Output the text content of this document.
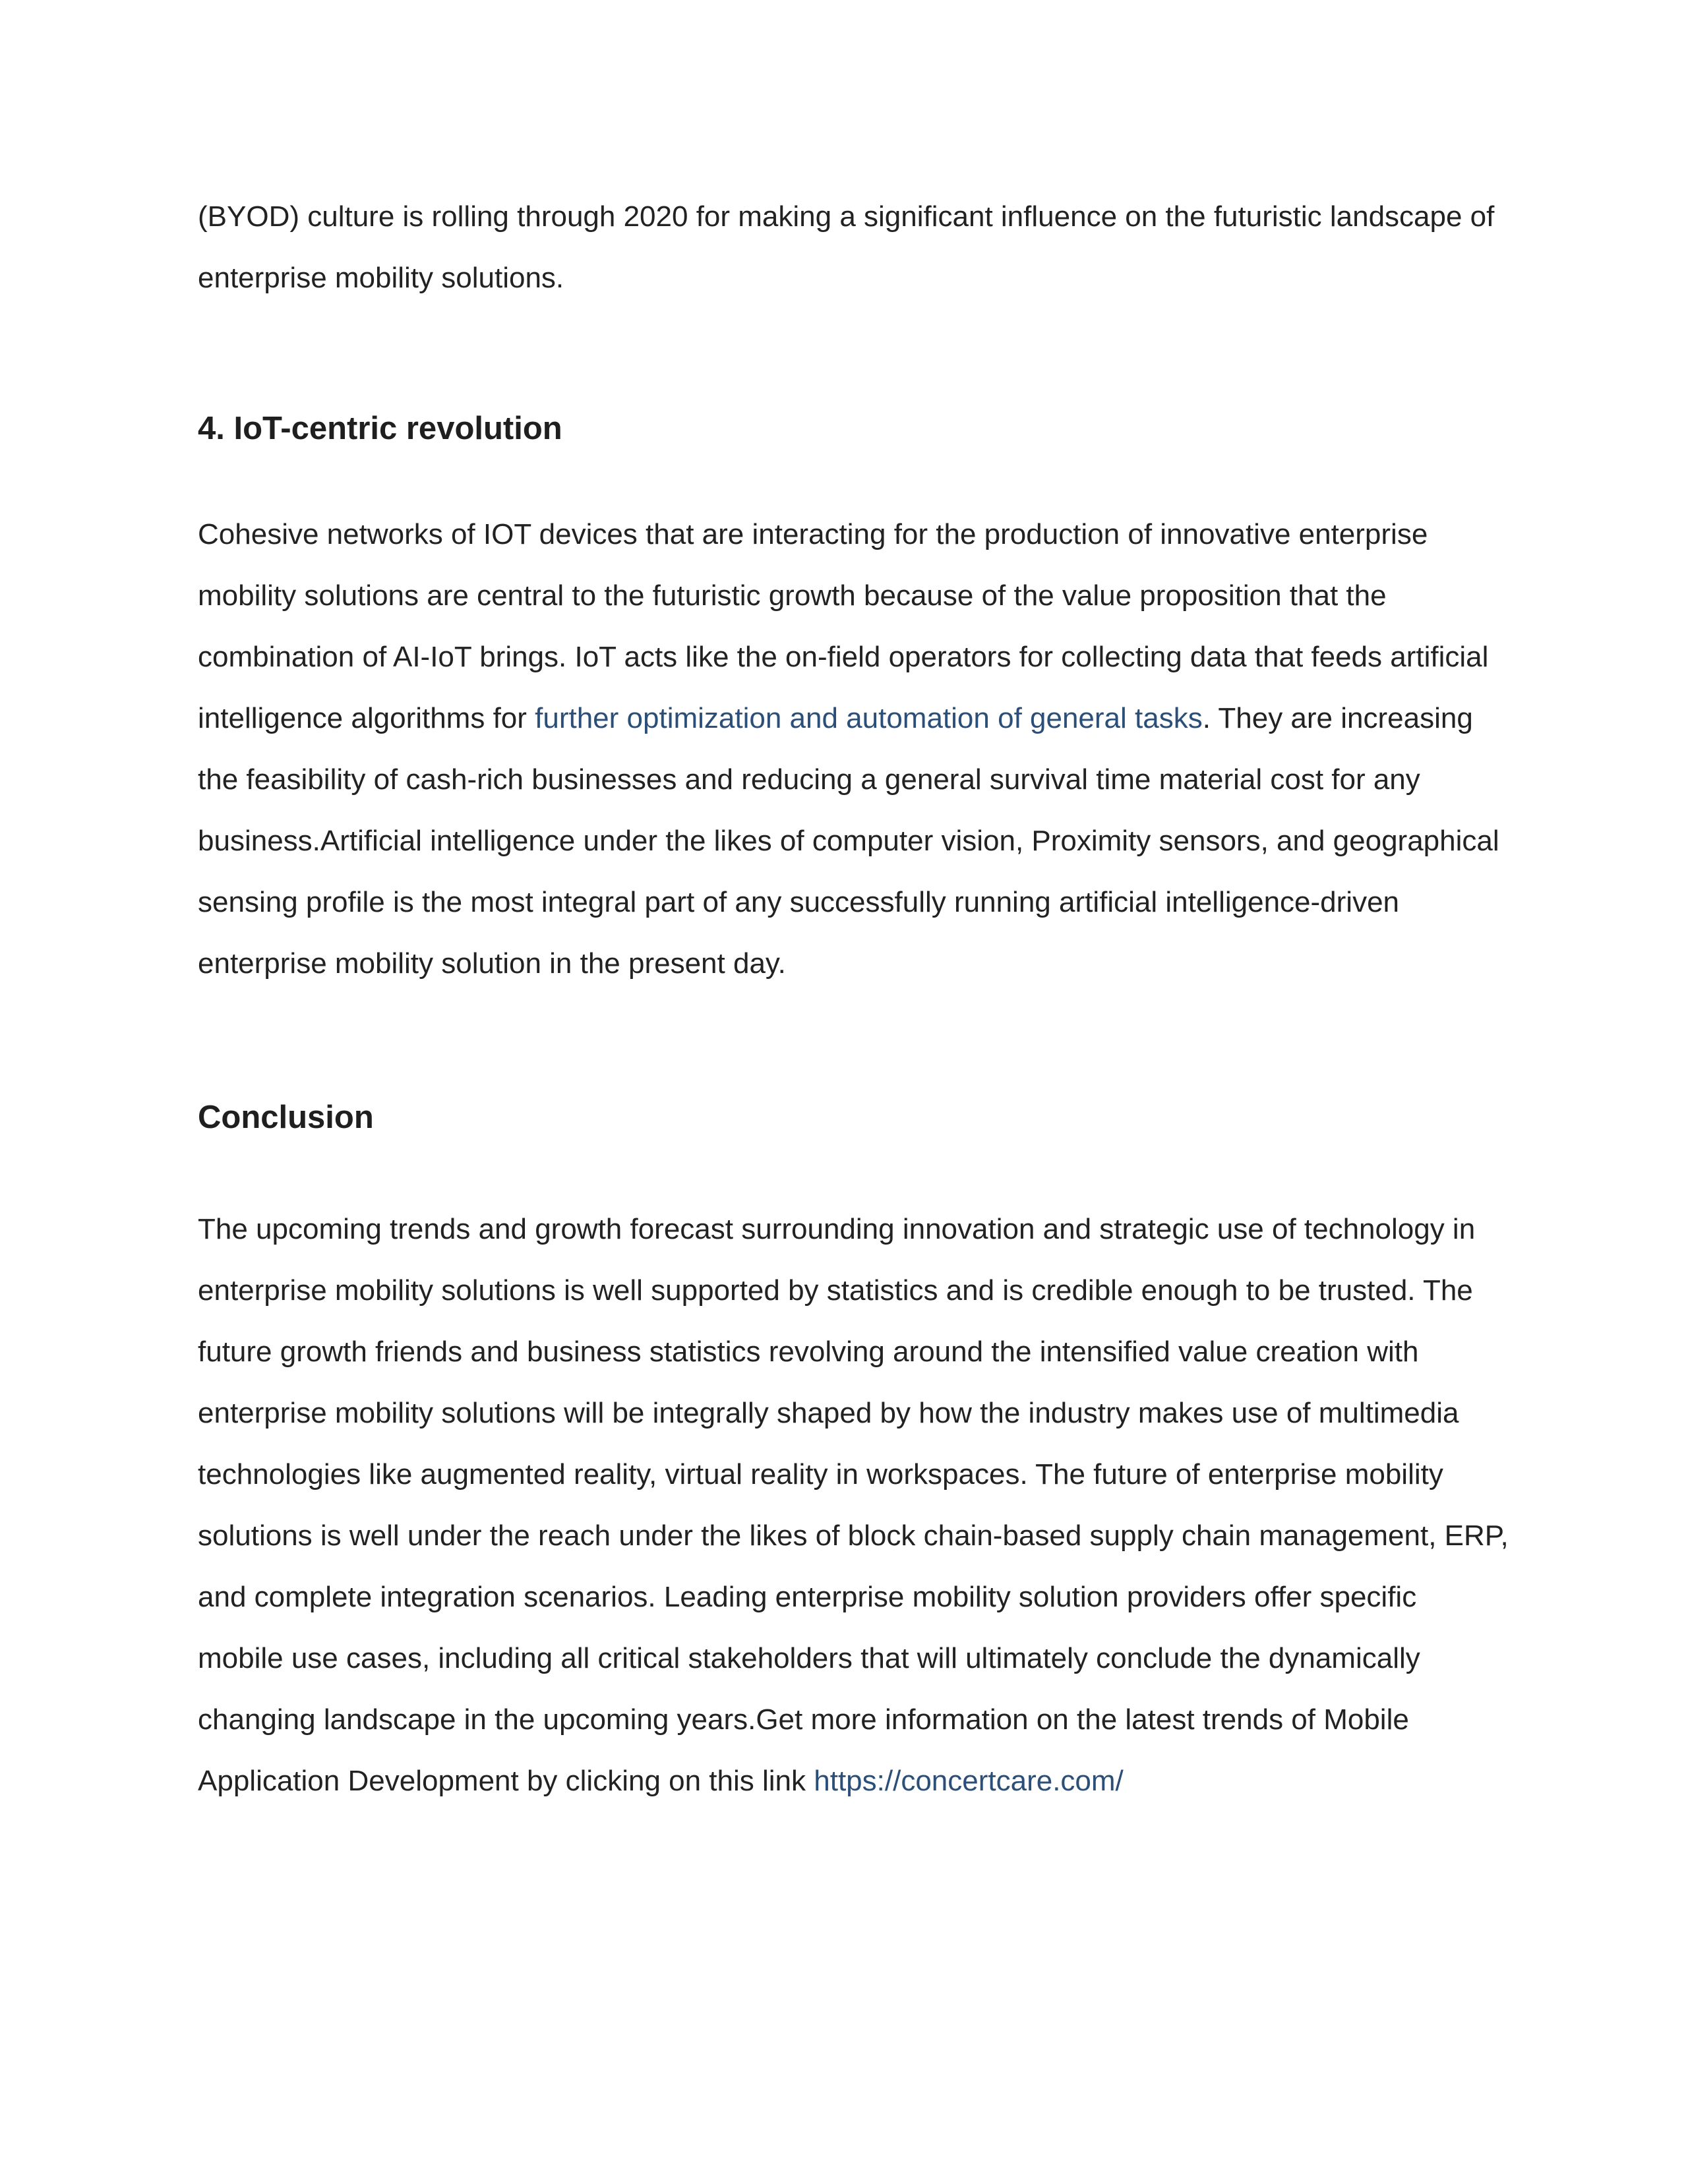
(BYOD) culture is rolling through 2020 for making a significant influence on the futuristic landscape of enterprise mobility solutions.

4. IoT-centric revolution

Cohesive networks of IOT devices that are interacting for the production of innovative enterprise mobility solutions are central to the futuristic growth because of the value proposition that the combination of AI-IoT brings. IoT acts like the on-field operators for collecting data that feeds artificial intelligence algorithms for further optimization and automation of general tasks. They are increasing the feasibility of cash-rich businesses and reducing a general survival time material cost for any business.Artificial intelligence under the likes of computer vision, Proximity sensors, and geographical sensing profile is the most integral part of any successfully running artificial intelligence-driven enterprise mobility solution in the present day.

Conclusion

The upcoming trends and growth forecast surrounding innovation and strategic use of technology in enterprise mobility solutions is well supported by statistics and is credible enough to be trusted. The future growth friends and business statistics revolving around the intensified value creation with enterprise mobility solutions will be integrally shaped by how the industry makes use of multimedia technologies like augmented reality, virtual reality in workspaces. The future of enterprise mobility solutions is well under the reach under the likes of block chain-based supply chain management, ERP, and complete integration scenarios. Leading enterprise mobility solution providers offer specific mobile use cases, including all critical stakeholders that will ultimately conclude the dynamically changing landscape in the upcoming years.Get more information on the latest trends of Mobile Application Development by clicking on this link https://concertcare.com/
